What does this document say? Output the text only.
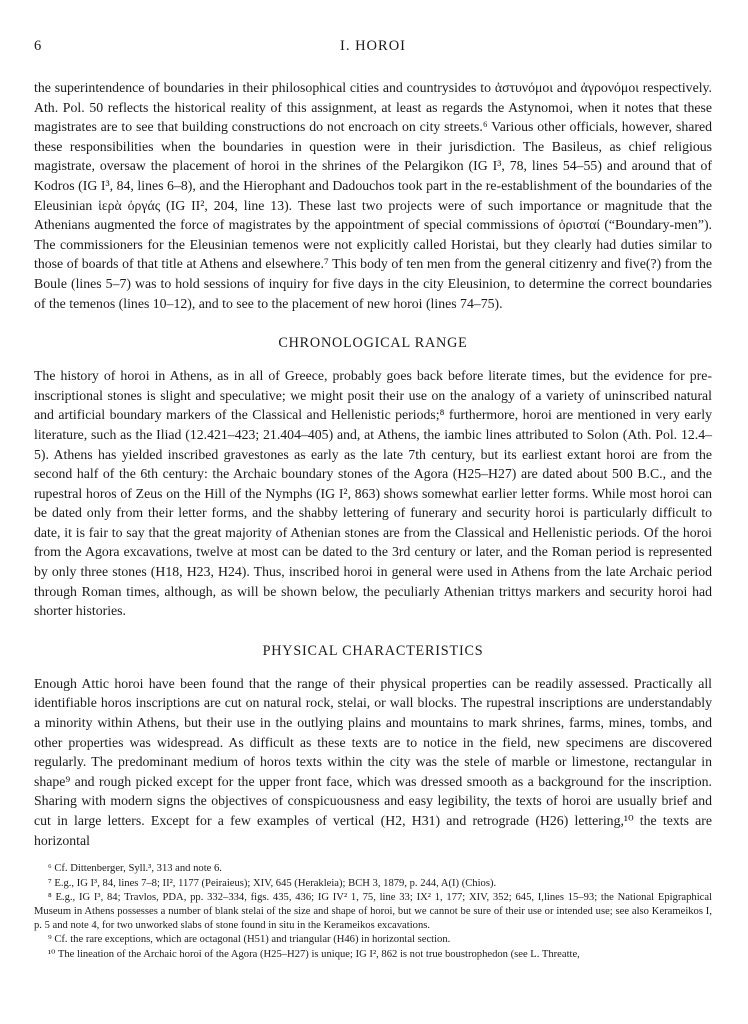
6	I. HOROI

the superintendence of boundaries in their philosophical cities and countrysides to ἀστυνόμοι and ἀγρονόμοι respectively. Ath. Pol. 50 reflects the historical reality of this assignment, at least as regards the Astynomoi, when it notes that these magistrates are to see that building constructions do not encroach on city streets.⁶ Various other officials, however, shared these responsibilities when the boundaries in question were in their jurisdiction. The Basileus, as chief religious magistrate, oversaw the placement of horoi in the shrines of the Pelargikon (IG I³, 78, lines 54–55) and around that of Kodros (IG I³, 84, lines 6–8), and the Hierophant and Dadouchos took part in the re-establishment of the boundaries of the Eleusinian ἱερὰ ὀργάς (IG II², 204, line 13). These last two projects were of such importance or magnitude that the Athenians augmented the force of magistrates by the appointment of special commissions of ὁρισταί (“Boundary-men”). The commissioners for the Eleusinian temenos were not explicitly called Horistai, but they clearly had duties similar to those of boards of that title at Athens and elsewhere.⁷ This body of ten men from the general citizenry and five(?) from the Boule (lines 5–7) was to hold sessions of inquiry for five days in the city Eleusinion, to determine the correct boundaries of the temenos (lines 10–12), and to see to the placement of new horoi (lines 74–75).

CHRONOLOGICAL RANGE

The history of horoi in Athens, as in all of Greece, probably goes back before literate times, but the evidence for pre-inscriptional stones is slight and speculative; we might posit their use on the analogy of a variety of uninscribed natural and artificial boundary markers of the Classical and Hellenistic periods;⁸ furthermore, horoi are mentioned in very early literature, such as the Iliad (12.421–423; 21.404–405) and, at Athens, the iambic lines attributed to Solon (Ath. Pol. 12.4–5). Athens has yielded inscribed gravestones as early as the late 7th century, but its earliest extant horoi are from the second half of the 6th century: the Archaic boundary stones of the Agora (H25–H27) are dated about 500 B.C., and the rupestral horos of Zeus on the Hill of the Nymphs (IG I², 863) shows somewhat earlier letter forms. While most horoi can be dated only from their letter forms, and the shabby lettering of funerary and security horoi is particularly difficult to date, it is fair to say that the great majority of Athenian stones are from the Classical and Hellenistic periods. Of the horoi from the Agora excavations, twelve at most can be dated to the 3rd century or later, and the Roman period is represented by only three stones (H18, H23, H24). Thus, inscribed horoi in general were used in Athens from the late Archaic period through Roman times, although, as will be shown below, the peculiarly Athenian trittys markers and security horoi had shorter histories.

PHYSICAL CHARACTERISTICS

Enough Attic horoi have been found that the range of their physical properties can be readily assessed. Practically all identifiable horos inscriptions are cut on natural rock, stelai, or wall blocks. The rupestral inscriptions are understandably a minority within Athens, but their use in the outlying plains and mountains to mark shrines, farms, mines, tombs, and other properties was widespread. As difficult as these texts are to notice in the field, new specimens are discovered regularly. The predominant medium of horos texts within the city was the stele of marble or limestone, rectangular in shape⁹ and rough picked except for the upper front face, which was dressed smooth as a background for the inscription. Sharing with modern signs the objectives of conspicuousness and easy legibility, the texts of horoi are usually brief and cut in large letters. Except for a few examples of vertical (H2, H31) and retrograde (H26) lettering,¹⁰ the texts are horizontal

⁶ Cf. Dittenberger, Syll.³, 313 and note 6.

⁷ E.g., IG I³, 84, lines 7–8; II², 1177 (Peiraieus); XIV, 645 (Herakleia); BCH 3, 1879, p. 244, A(I) (Chios).

⁸ E.g., IG I³, 84; Travlos, PDA, pp. 332–334, figs. 435, 436; IG IV² 1, 75, line 33; IX² 1, 177; XIV, 352; 645, I,lines 15–93; the National Epigraphical Museum in Athens possesses a number of blank stelai of the size and shape of horoi, but we cannot be sure of their use or intended use; see also Kerameikos I, p. 5 and note 4, for two unworked slabs of stone found in situ in the Kerameikos excavations.

⁹ Cf. the rare exceptions, which are octagonal (H51) and triangular (H46) in horizontal section.

¹⁰ The lineation of the Archaic horoi of the Agora (H25–H27) is unique; IG I², 862 is not true boustrophedon (see L. Threatte,
